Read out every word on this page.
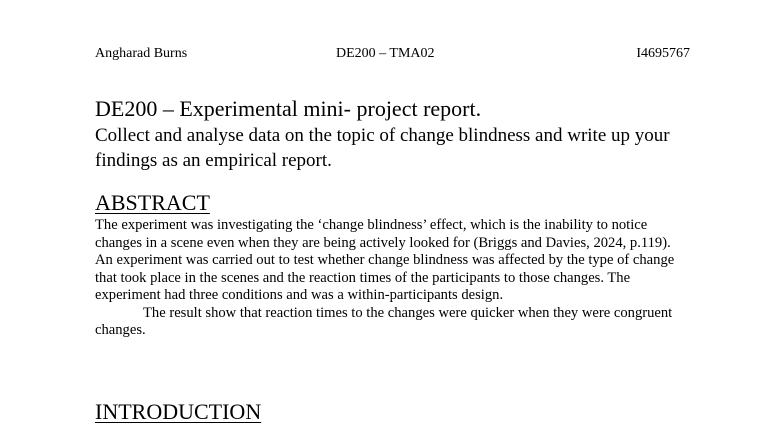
Angharad Burns	DE200 – TMA02	I4695767
DE200 – Experimental mini- project report.
Collect and analyse data on the topic of change blindness and write up your findings as an empirical report.
ABSTRACT

The experiment was investigating the ‘change blindness’ effect, which is the inability to notice changes in a scene even when they are being actively looked for (Briggs and Davies, 2024, p.119). An experiment was carried out to test whether change blindness was affected by the type of change that took place in the scenes and the reaction times of the participants to those changes. The experiment had three conditions and was a within-participants design.

The result show that reaction times to the changes were quicker when they were congruent changes.

INTRODUCTION
